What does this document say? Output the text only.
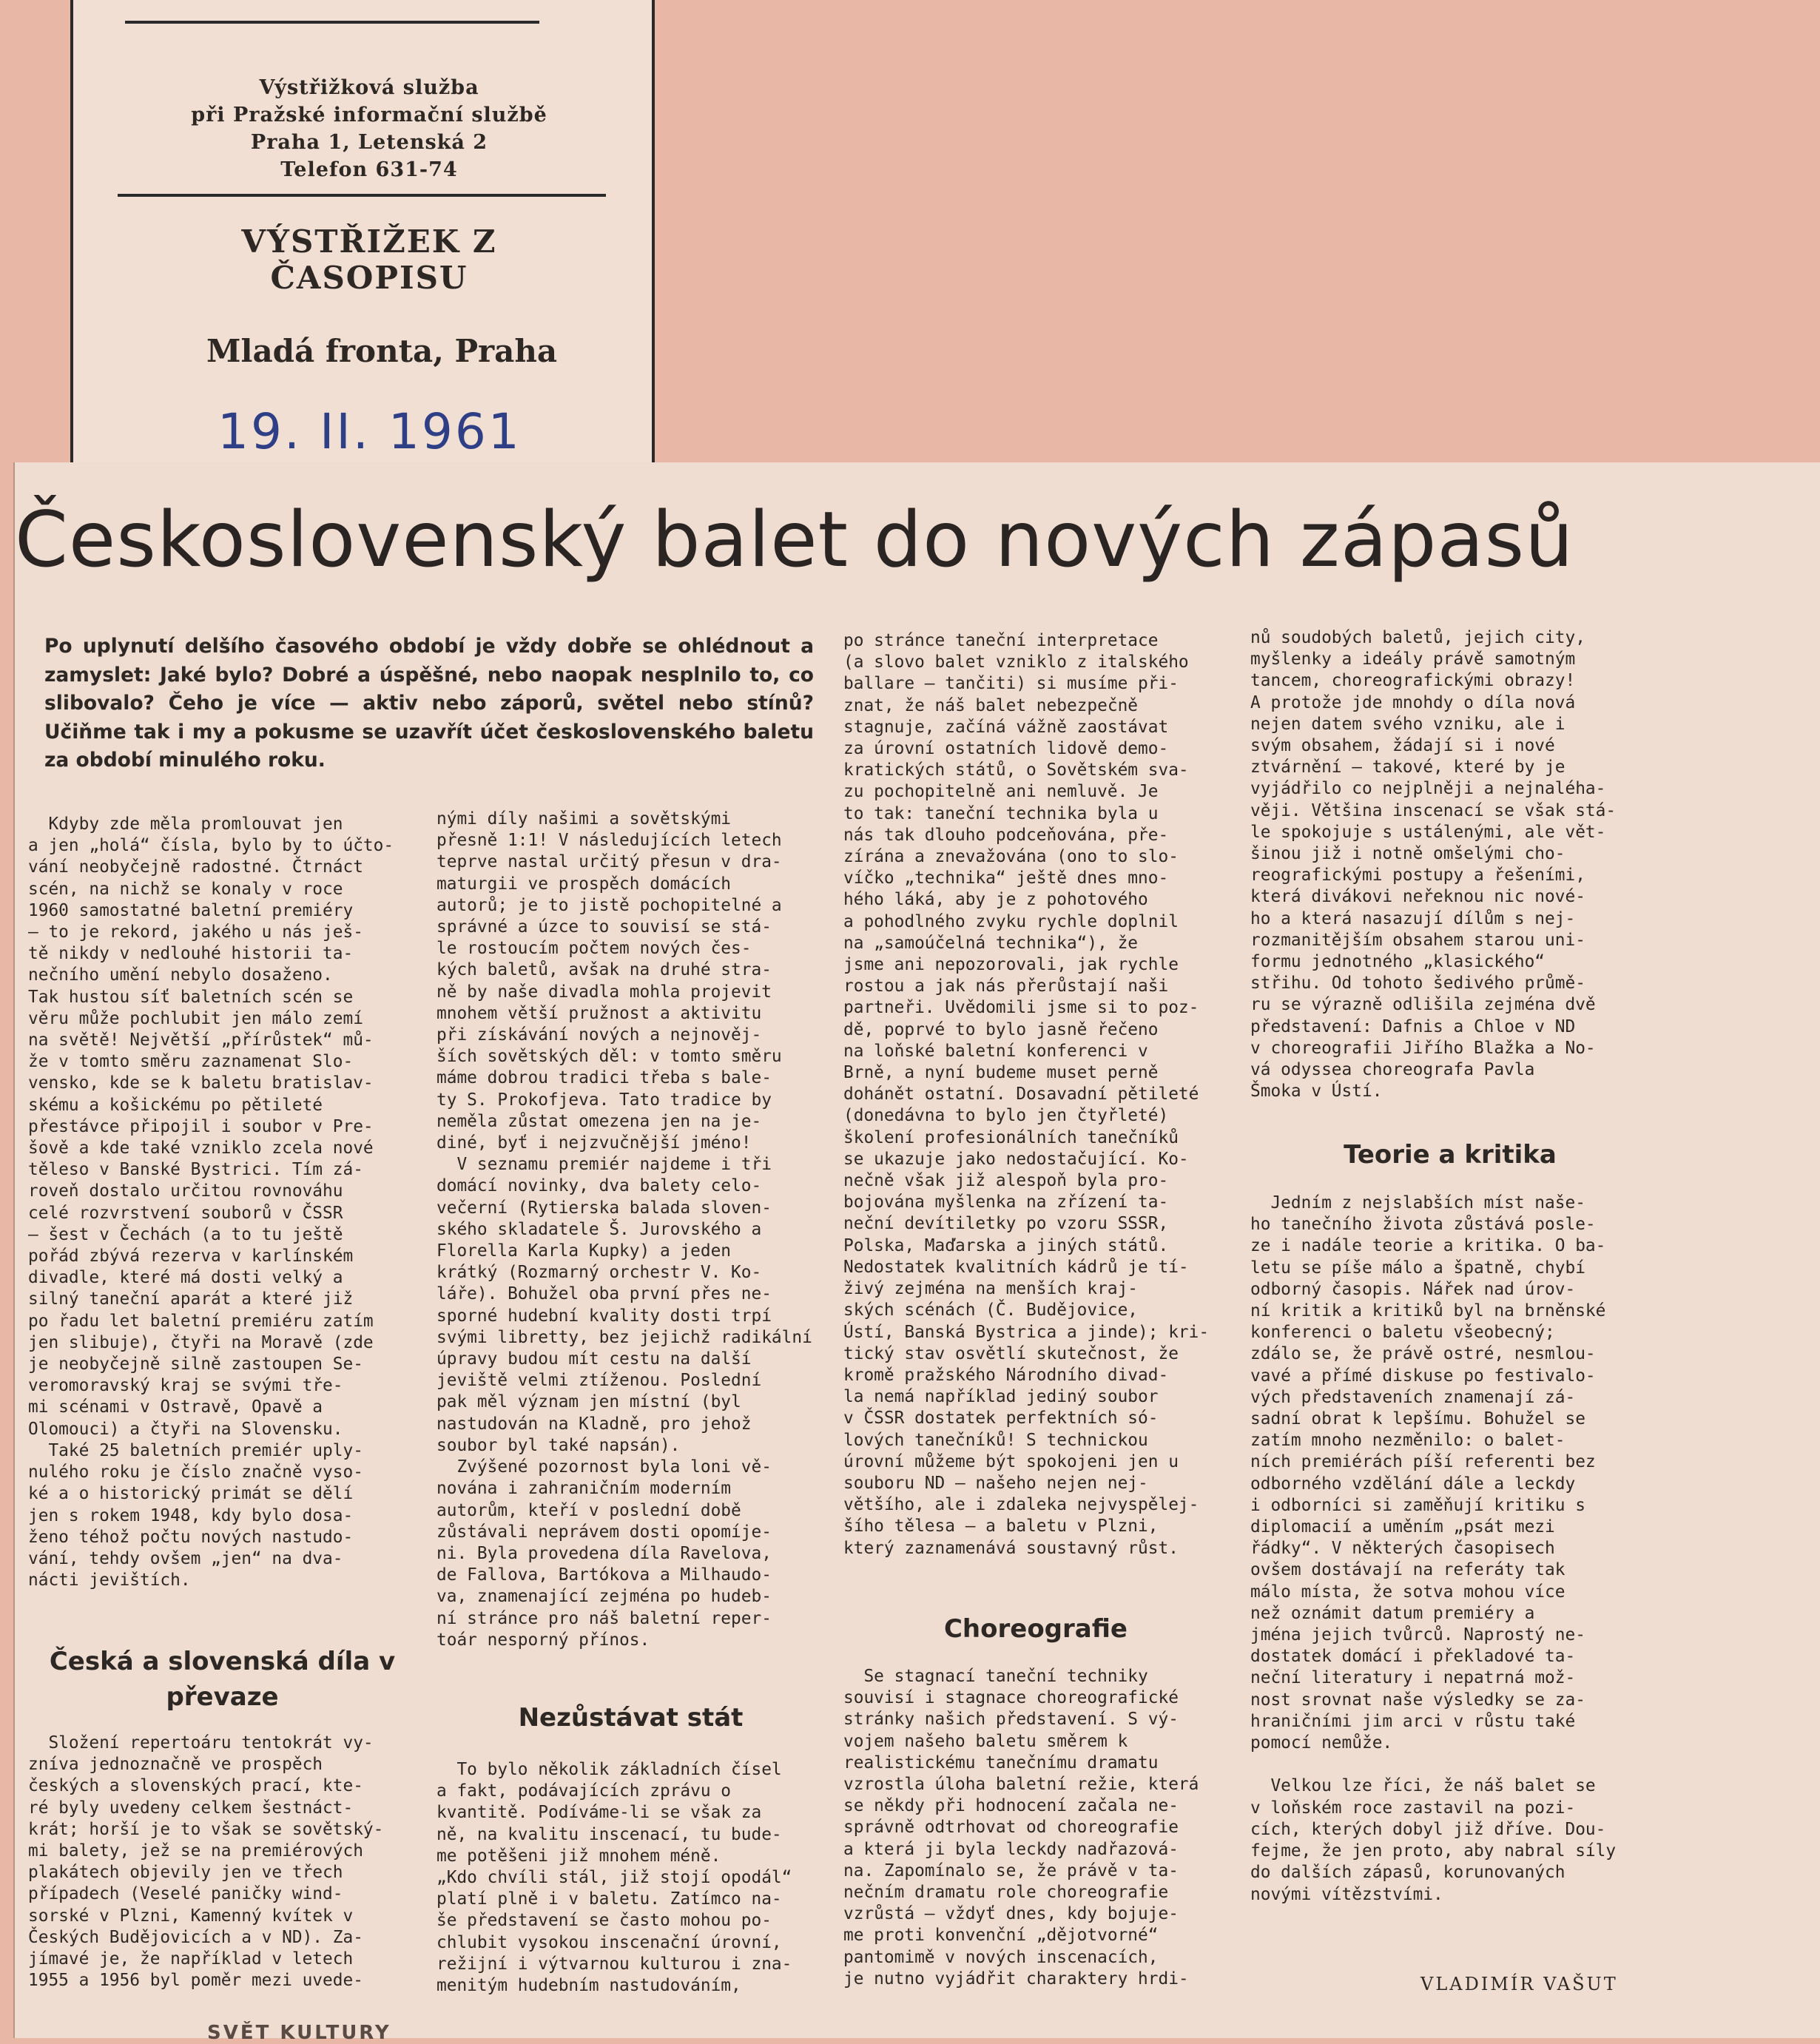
Výstřižková služba
při Pražské informační službě
Praha 1, Letenská 2
Telefon 631-74
VÝSTŘIŽEK Z ČASOPISU
Mladá fronta, Praha
19. II. 1961
Československý balet do nových zápasů

Po uplynutí delšího časového období je vždy dobře se ohlédnout a zamyslet: Jaké bylo? Dobré a úspěšné, nebo naopak nesplnilo to, co slibovalo? Čeho je více — aktiv nebo záporů, světel nebo stínů? Učiňme tak i my a pokusme se uzavřít účet československého baletu za období minulého roku.

Kdyby zde měla promlouvat jen
a jen „holá“ čísla, bylo by to účto-
vání neobyčejně radostné. Čtrnáct
scén, na nichž se konaly v roce
1960 samostatné baletní premiéry
— to je rekord, jakého u nás ješ-
tě nikdy v nedlouhé historii ta-
nečního umění nebylo dosaženo.
Tak hustou síť baletních scén se
věru může pochlubit jen málo zemí
na světě! Největší „přírůstek“ mů-
že v tomto směru zaznamenat Slo-
vensko, kde se k baletu bratislav-
skému a košickému po pětileté
přestávce připojil i soubor v Pre-
šově a kde také vzniklo zcela nové
těleso v Banské Bystrici. Tím zá-
roveň dostalo určitou rovnováhu
celé rozvrstvení souborů v ČSSR
— šest v Čechách (a to tu ještě
pořád zbývá rezerva v karlínském
divadle, které má dosti velký a
silný taneční aparát a které již
po řadu let baletní premiéru zatím
jen slibuje), čtyři na Moravě (zde
je neobyčejně silně zastoupen Se-
veromoravský kraj se svými tře-
mi scénami v Ostravě, Opavě a
Olomouci) a čtyři na Slovensku.
Také 25 baletních premiér uply-
nulého roku je číslo značně vyso-
ké a o historický primát se dělí
jen s rokem 1948, kdy bylo dosa-
ženo téhož počtu nových nastudo-
vání, tehdy ovšem „jen“ na dva-
nácti jevištích.
Česká a slovenská díla v převaze
Složení repertoáru tentokrát vy-
zníva jednoznačně ve prospěch
českých a slovenských prací, kte-
ré byly uvedeny celkem šestnáct-
krát; horší je to však se sovětský-
mi balety, jež se na premiérových
plakátech objevily jen ve třech
případech (Veselé paničky wind-
sorské v Plzni, Kamenný kvítek v
Českých Budějovicích a v ND). Za-
jímavé je, že například v letech
1955 a 1956 byl poměr mezi uvede-
nými díly našimi a sovětskými
přesně 1:1! V následujících letech
teprve nastal určitý přesun v dra-
maturgii ve prospěch domácích
autorů; je to jistě pochopitelné a
správné a úzce to souvisí se stá-
le rostoucím počtem nových čes-
kých baletů, avšak na druhé stra-
ně by naše divadla mohla projevit
mnohem větší pružnost a aktivitu
při získávání nových a nejnověj-
ších sovětských děl: v tomto směru
máme dobrou tradici třeba s bale-
ty S. Prokofjeva. Tato tradice by
neměla zůstat omezena jen na je-
diné, byť i nejzvučnější jméno!
V seznamu premiér najdeme i tři
domácí novinky, dva balety celo-
večerní (Rytierska balada sloven-
ského skladatele Š. Jurovského a
Florella Karla Kupky) a jeden
krátký (Rozmarný orchestr V. Ko-
láře). Bohužel oba první přes ne-
sporné hudební kvality dosti trpí
svými libretty, bez jejichž radikální
úpravy budou mít cestu na další
jeviště velmi ztíženou. Poslední
pak měl význam jen místní (byl
nastudován na Kladně, pro jehož
soubor byl také napsán).
Zvýšené pozornost byla loni vě-
nována i zahraničním moderním
autorům, kteří v poslední době
zůstávali neprávem dosti opomíje-
ni. Byla provedena díla Ravelova,
de Fallova, Bartókova a Milhaudo-
va, znamenající zejména po hudeb-
ní stránce pro náš baletní reper-
toár nesporný přínos.
Nezůstávat stát
To bylo několik základních čísel
a fakt, podávajících zprávu o
kvantitě. Podíváme-li se však za
ně, na kvalitu inscenací, tu bude-
me potěšeni již mnohem méně.
„Kdo chvíli stál, již stojí opodál“
platí plně i v baletu. Zatímco na-
še představení se často mohou po-
chlubit vysokou inscenační úrovní,
režijní i výtvarnou kulturou i zna-
menitým hudebním nastudováním,
po stránce taneční interpretace
(a slovo balet vzniklo z italského
ballare — tančiti) si musíme při-
znat, že náš balet nebezpečně
stagnuje, začíná vážně zaostávat
za úrovní ostatních lidově demo-
kratických států, o Sovětském sva-
zu pochopitelně ani nemluvě. Je
to tak: taneční technika byla u
nás tak dlouho podceňována, pře-
zírána a znevažována (ono to slo-
víčko „technika“ ještě dnes mno-
hého láká, aby je z pohotového
a pohodlného zvyku rychle doplnil
na „samoúčelná technika“), že
jsme ani nepozorovali, jak rychle
rostou a jak nás přerůstají naši
partneři. Uvědomili jsme si to poz-
dě, poprvé to bylo jasně řečeno
na loňské baletní konferenci v
Brně, a nyní budeme muset perně
dohánět ostatní. Dosavadní pětileté
(donedávna to bylo jen čtyřleté)
školení profesionálních tanečníků
se ukazuje jako nedostačující. Ko-
nečně však již alespoň byla pro-
bojována myšlenka na zřízení ta-
neční devítiletky po vzoru SSSR,
Polska, Maďarska a jiných států.
Nedostatek kvalitních kádrů je tí-
živý zejména na menších kraj-
ských scénách (Č. Budějovice,
Ústí, Banská Bystrica a jinde); kri-
tický stav osvětlí skutečnost, že
kromě pražského Národního divad-
la nemá například jediný soubor
v ČSSR dostatek perfektních só-
lových tanečníků! S technickou
úrovní můžeme být spokojeni jen u
souboru ND — našeho nejen nej-
většího, ale i zdaleka nejvyspělej-
šího tělesa — a baletu v Plzni,
který zaznamenává soustavný růst.
Choreografie
Se stagnací taneční techniky
souvisí i stagnace choreografické
stránky našich představení. S vý-
vojem našeho baletu směrem k
realistickému tanečnímu dramatu
vzrostla úloha baletní režie, která
se někdy při hodnocení začala ne-
správně odtrhovat od choreografie
a která ji byla leckdy nadřazová-
na. Zapomínalo se, že právě v ta-
nečním dramatu role choreografie
vzrůstá — vždyť dnes, kdy bojuje-
me proti konvenční „dějotvorné“
pantomimě v nových inscenacích,
je nutno vyjádřit charaktery hrdi-
nů soudobých baletů, jejich city,
myšlenky a ideály právě samotným
tancem, choreografickými obrazy!
A protože jde mnohdy o díla nová
nejen datem svého vzniku, ale i
svým obsahem, žádají si i nové
ztvárnění — takové, které by je
vyjádřilo co nejplněji a nejnaléha-
věji. Většina inscenací se však stá-
le spokojuje s ustálenými, ale vět-
šinou již i notně omšelými cho-
reografickými postupy a řešeními,
která divákovi neřeknou nic nové-
ho a která nasazují dílům s nej-
rozmanitějším obsahem starou uni-
formu jednotného „klasického“
střihu. Od tohoto šedivého průmě-
ru se výrazně odlišila zejména dvě
představení: Dafnis a Chloe v ND
v choreografii Jiřího Blažka a No-
vá odyssea choreografa Pavla
Šmoka v Ústí.
Teorie a kritika
Jedním z nejslabších míst naše-
ho tanečního života zůstává posle-
ze i nadále teorie a kritika. O ba-
letu se píše málo a špatně, chybí
odborný časopis. Nářek nad úrov-
ní kritik a kritiků byl na brněnské
konferenci o baletu všeobecný;
zdálo se, že právě ostré, nesmlou-
vavé a přímé diskuse po festivalo-
vých představeních znamenají zá-
sadní obrat k lepšímu. Bohužel se
zatím mnoho nezměnilo: o balet-
ních premiérách píší referenti bez
odborného vzdělání dále a leckdy
i odborníci si zaměňují kritiku s
diplomacií a uměním „psát mezi
řádky“. V některých časopisech
ovšem dostávají na referáty tak
málo místa, že sotva mohou více
než oznámit datum premiéry a
jména jejich tvůrců. Naprostý ne-
dostatek domácí i překladové ta-
neční literatury i nepatrná mož-
nost srovnat naše výsledky se za-
hraničními jim arci v růstu také
pomocí nemůže.

Velkou lze říci, že náš balet se
v loňském roce zastavil na pozi-
cích, kterých dobyl již dříve. Dou-
fejme, že jen proto, aby nabral síly
do dalších zápasů, korunovaných
novými vítězstvími.
VLADIMÍR VAŠUT
SVĚT KULTURY
